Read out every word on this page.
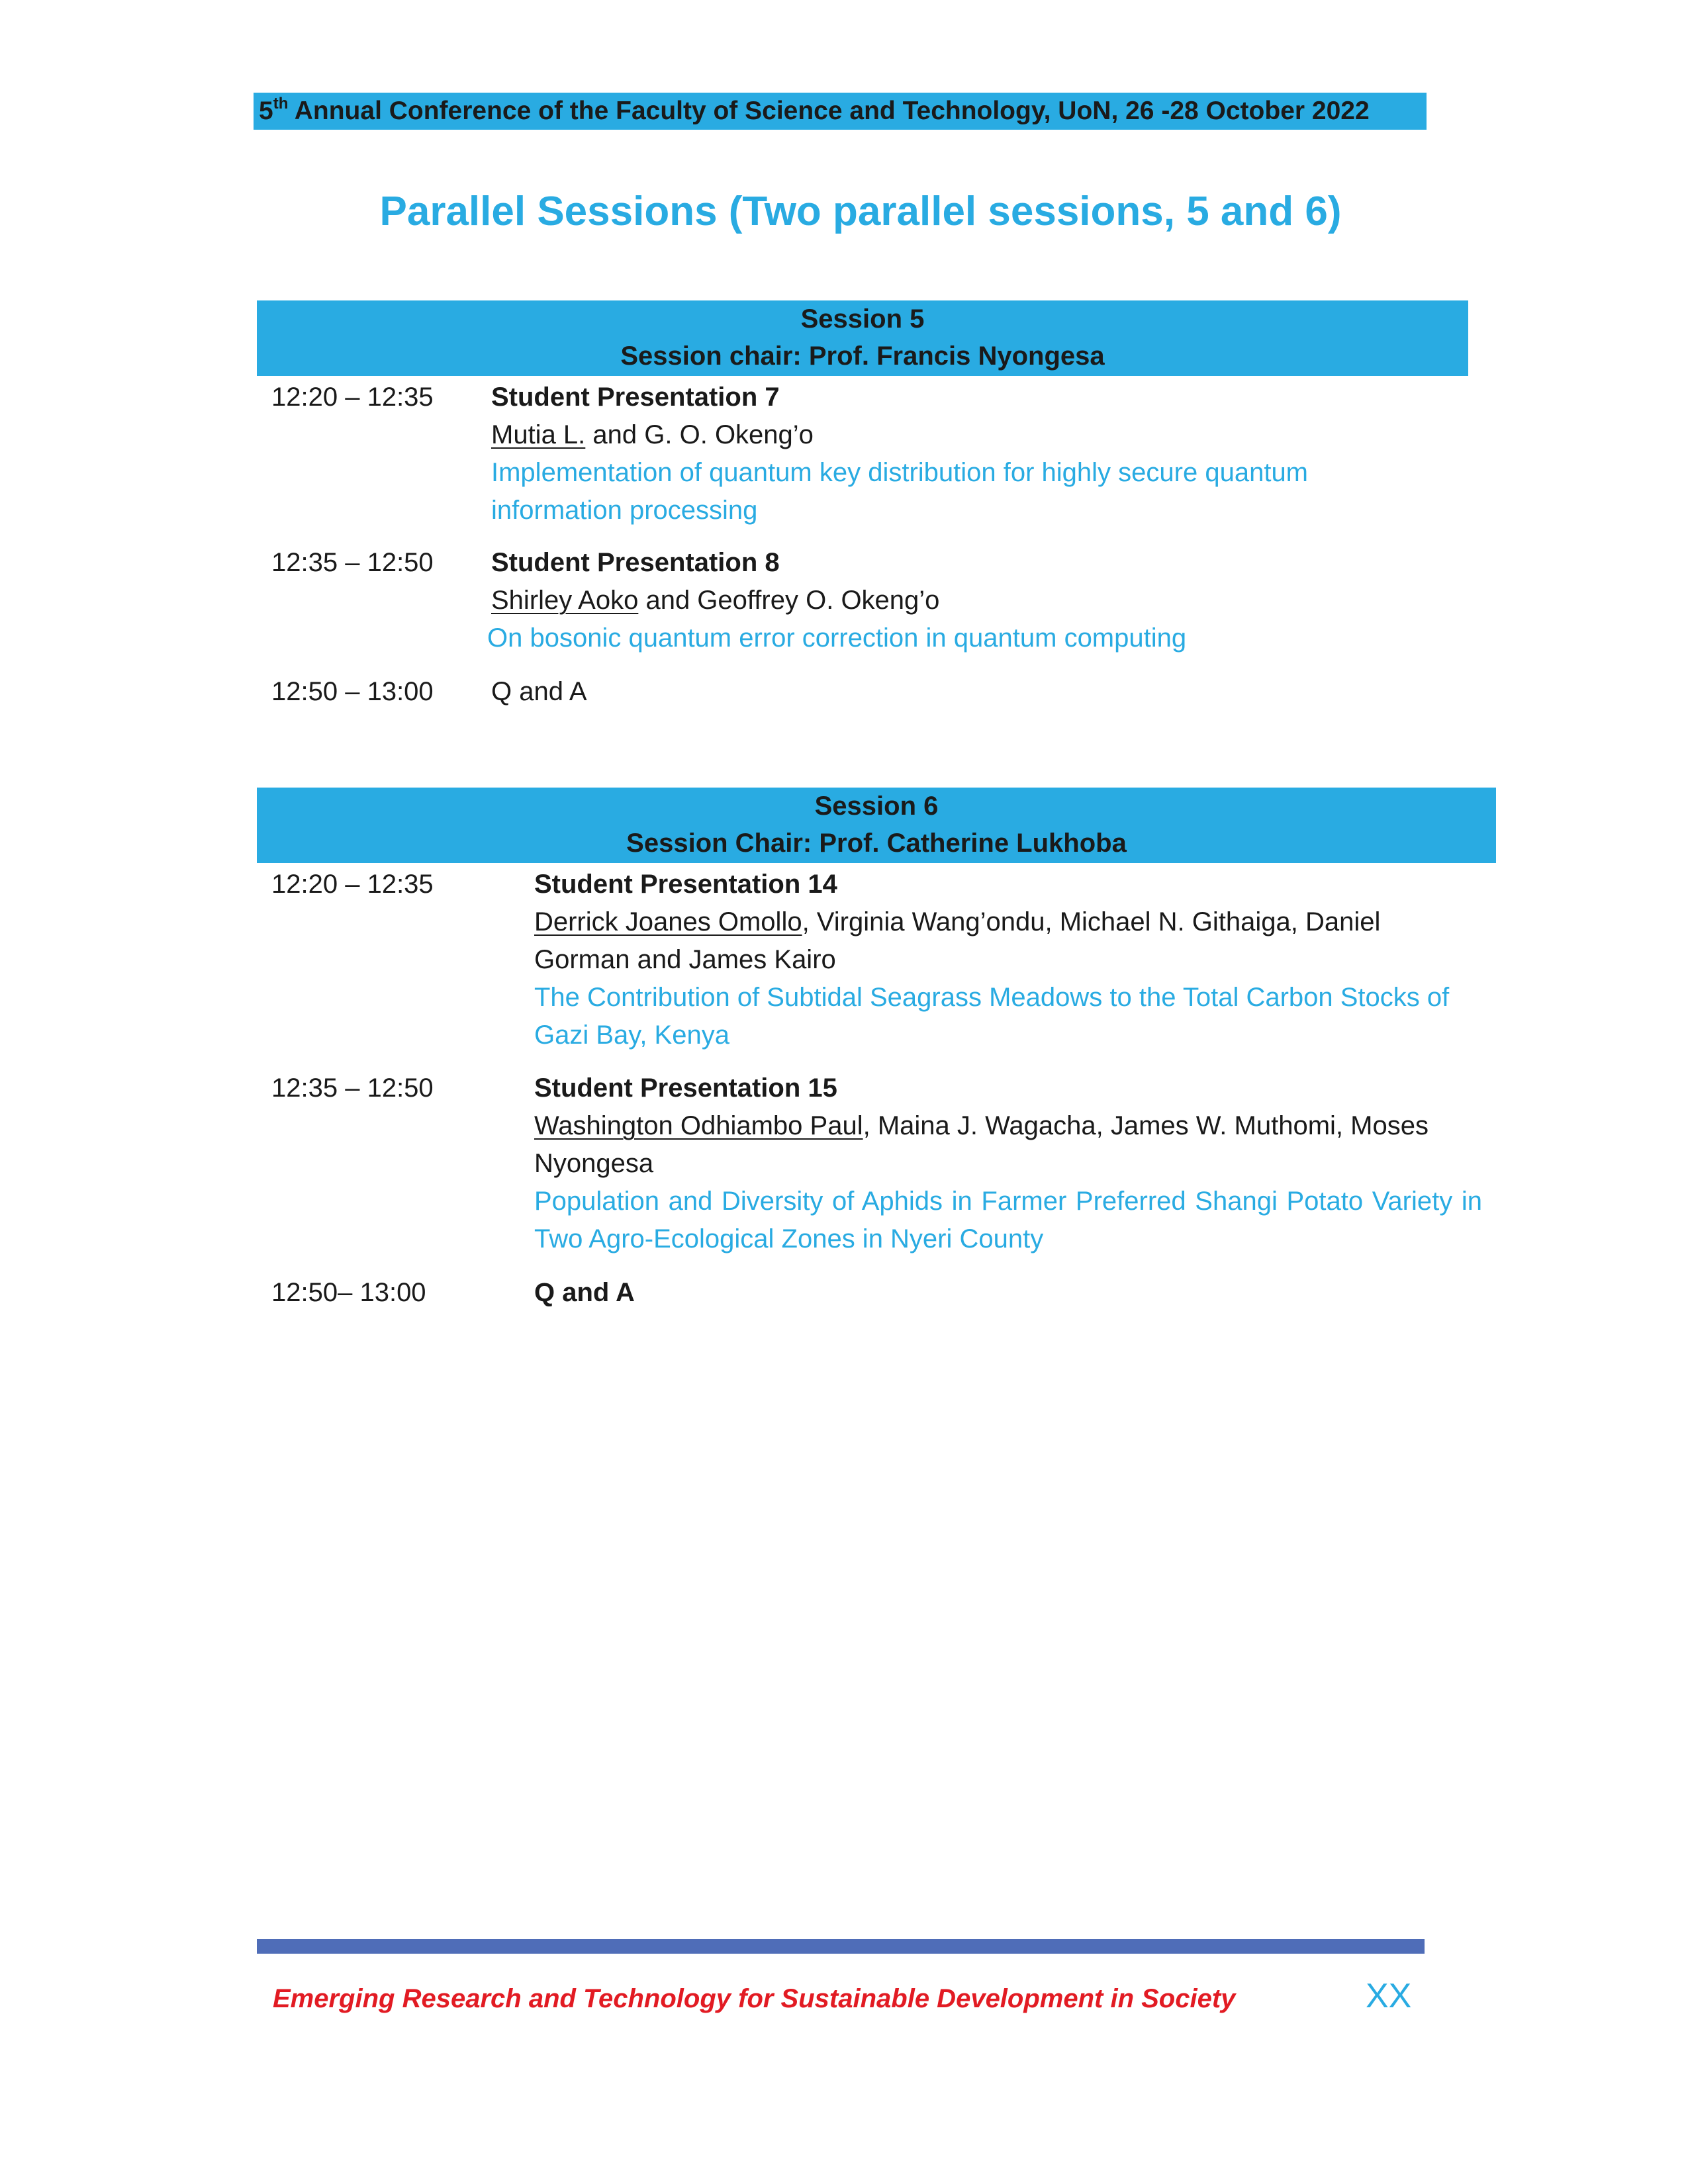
5th Annual Conference of the Faculty of Science and Technology, UoN, 26 -28 October 2022
Parallel Sessions (Two parallel sessions, 5 and 6)
Session 5
Session chair: Prof. Francis Nyongesa
12:20 – 12:35 Student Presentation 7
Mutia L. and G. O. Okeng’o
Implementation of quantum key distribution for highly secure quantum information processing
12:35 – 12:50 Student Presentation 8
Shirley Aoko and Geoffrey O. Okeng’o
On bosonic quantum error correction in quantum computing
12:50 – 13:00 Q and A
Session 6
Session Chair: Prof. Catherine Lukhoba
12:20 – 12:35	Student Presentation 14
Derrick Joanes Omollo, Virginia Wang’ondu, Michael N. Githaiga, Daniel Gorman and James Kairo
The Contribution of Subtidal Seagrass Meadows to the Total Carbon Stocks of Gazi Bay, Kenya
12:35 – 12:50	Student Presentation 15
Washington Odhiambo Paul, Maina J. Wagacha, James W. Muthomi, Moses Nyongesa
Population and Diversity of Aphids in Farmer Preferred Shangi Potato Variety in Two Agro-Ecological Zones in Nyeri County
12:50– 13:00	Q and A
Emerging Research and Technology for Sustainable Development in Society	XX
